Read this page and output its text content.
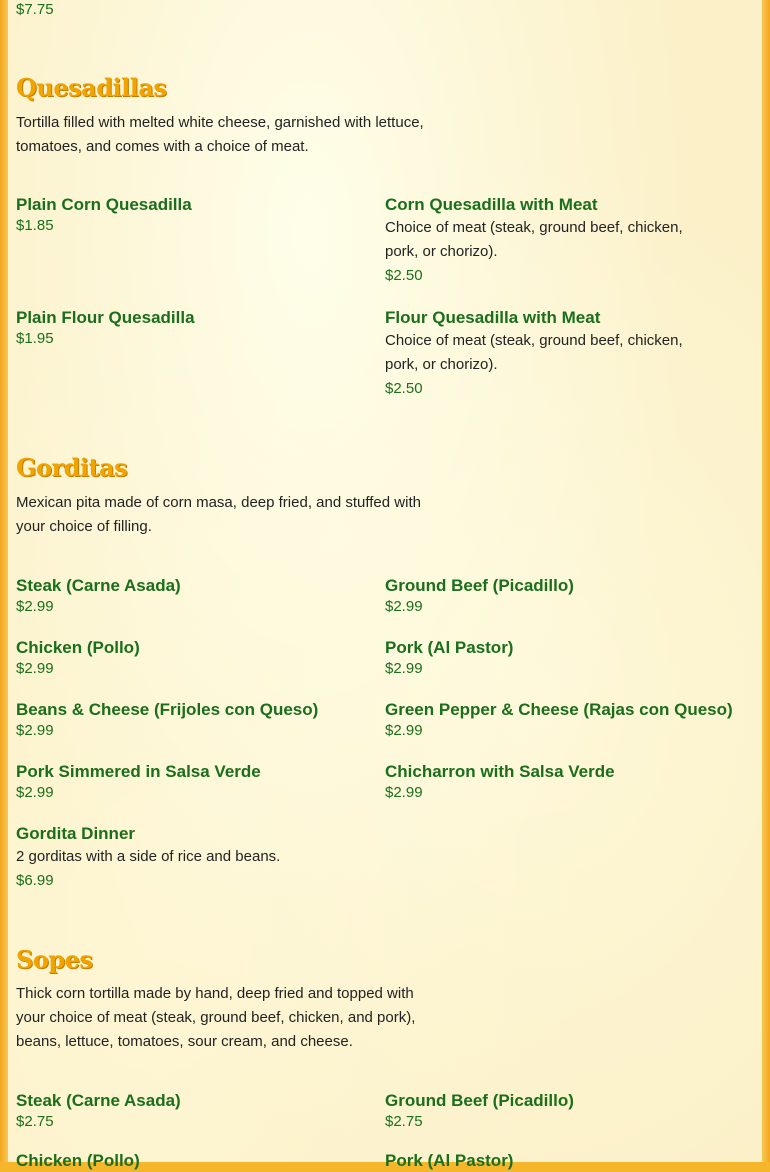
$7.75
Quesadillas
Tortilla filled with melted white cheese, garnished with lettuce,
tomatoes, and comes with a choice of meat.
Plain Corn Quesadilla
$1.85
Corn Quesadilla with Meat
Choice of meat (steak, ground beef, chicken,
pork, or chorizo).
$2.50
Plain Flour Quesadilla
$1.95
Flour Quesadilla with Meat
Choice of meat (steak, ground beef, chicken,
pork, or chorizo).
$2.50
Gorditas
Mexican pita made of corn masa, deep fried, and stuffed with
your choice of filling.
Steak (Carne Asada)
$2.99
Ground Beef (Picadillo)
$2.99
Chicken (Pollo)
$2.99
Pork (Al Pastor)
$2.99
Beans & Cheese (Frijoles con Queso)
$2.99
Green Pepper & Cheese (Rajas con Queso)
$2.99
Pork Simmered in Salsa Verde
$2.99
Chicharron with Salsa Verde
$2.99
Gordita Dinner
2 gorditas with a side of rice and beans.
$6.99
Sopes
Thick corn tortilla made by hand, deep fried and topped with
your choice of meat (steak, ground beef, chicken, and pork),
beans, lettuce, tomatoes, sour cream, and cheese.
Steak (Carne Asada)
$2.75
Ground Beef (Picadillo)
$2.75
Chicken (Pollo)	Pork (Al Pastor)
